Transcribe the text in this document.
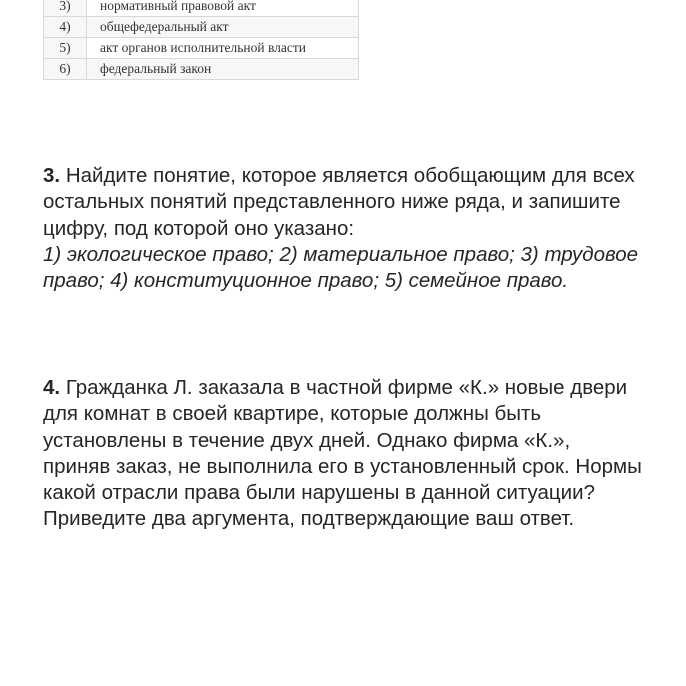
3)	нормативный правовой акт
4)	общефедеральный акт
5)	акт органов исполнительной власти
6)	федеральный закон
3. Найдите понятие, которое является обобщающим для всех остальных понятий представленного ниже ряда, и запишите цифру, под которой оно указано:
1) экологическое право; 2) материальное право; 3) трудовое право; 4) конституционное право; 5) семейное право.
4. Гражданка Л. заказала в частной фирме «К.» новые двери для комнат в своей квартире, которые должны быть установлены в течение двух дней. Однако фирма «К.», приняв заказ, не выполнила его в установленный срок. Нормы какой отрасли права были нарушены в данной ситуации? Приведите два аргумента, подтверждающие ваш ответ.
